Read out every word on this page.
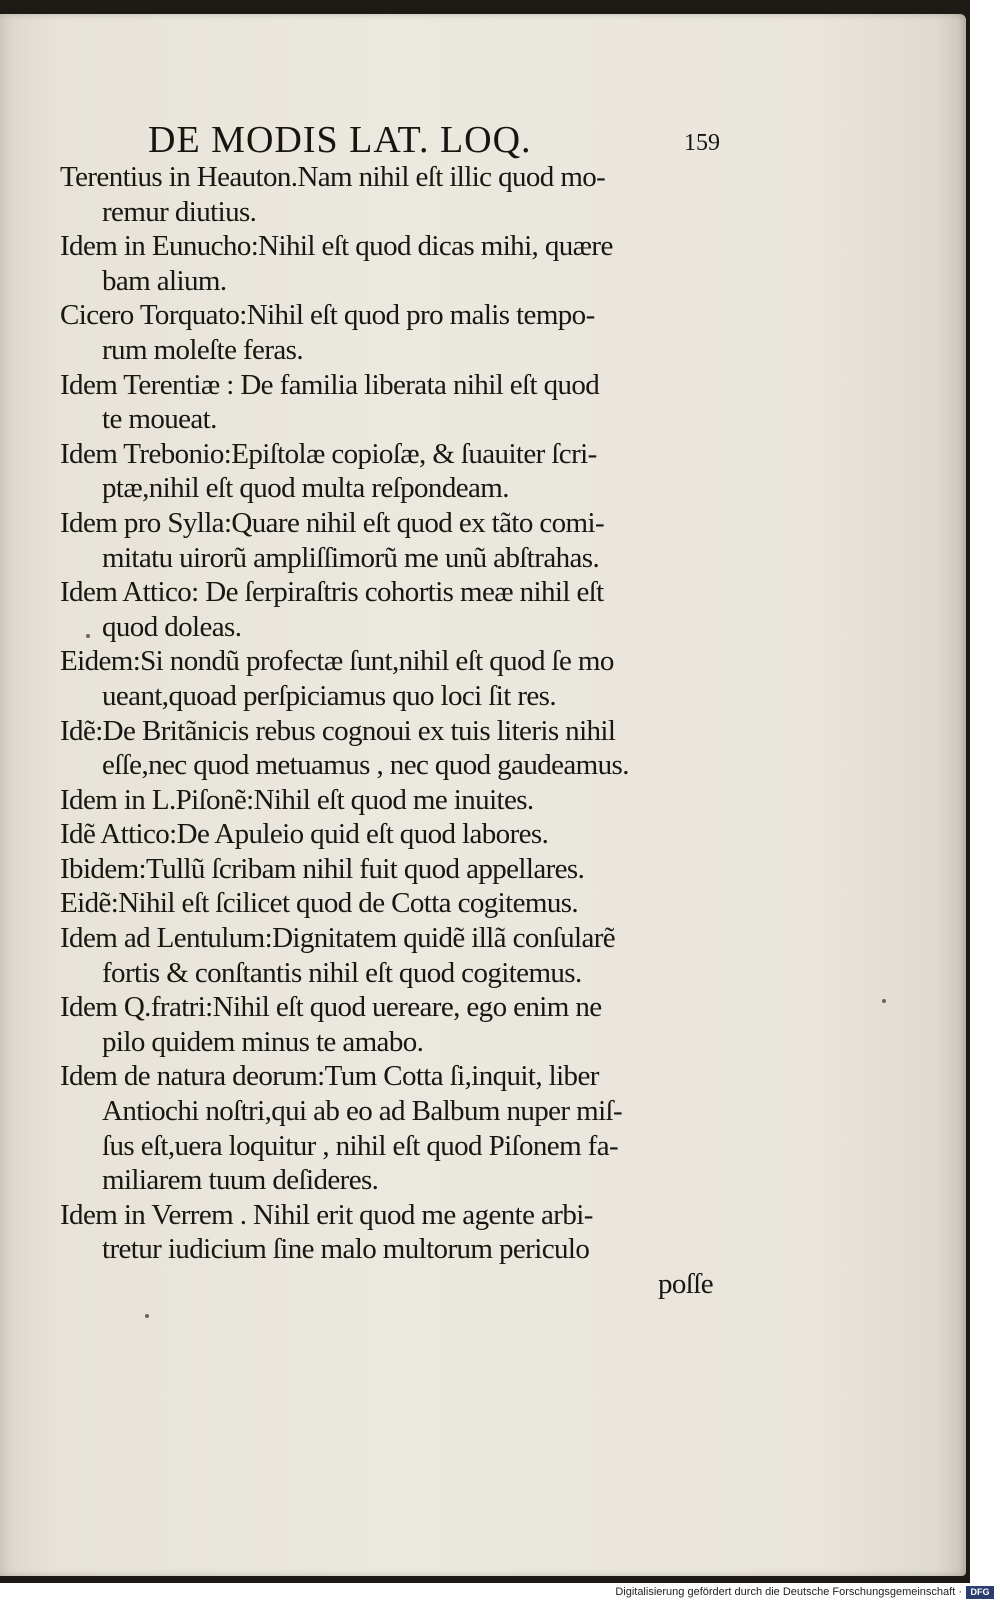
DE MODIS LAT. LOQ.	159
Terentius in Heauton.Nam nihil eſt illic quod mo-
remur diutius.
Idem in Eunucho:Nihil eſt quod dicas mihi, quære
bam alium.
Cicero Torquato:Nihil eſt quod pro malis tempo-
rum moleſte feras.
Idem Terentiæ : De familia liberata nihil eſt quod
te moueat.
Idem Trebonio:Epiſtolæ copioſæ, & ſuauiter ſcri-
ptæ,nihil eſt quod multa reſpondeam.
Idem pro Sylla:Quare nihil eſt quod ex tãto comi-
mitatu uirorũ ampliſſimorũ me unũ abſtrahas.
Idem Attico: De ſerpiraſtris cohortis meæ nihil eſt
quod doleas.
Eidem:Si nondũ profectæ ſunt,nihil eſt quod ſe mo
ueant,quoad perſpiciamus quo loci ſit res.
Idẽ:De Britãnicis rebus cognoui ex tuis literis nihil
eſſe,nec quod metuamus , nec quod gaudeamus.
Idem in L.Piſonẽ:Nihil eſt quod me inuites.
Idẽ Attico:De Apuleio quid eſt quod labores.
Ibidem:Tullũ ſcribam nihil fuit quod appellares.
Eidẽ:Nihil eſt ſcilicet quod de Cotta cogitemus.
Idem ad Lentulum:Dignitatem quidẽ illã conſularẽ
fortis & conſtantis nihil eſt quod cogitemus.
Idem Q.fratri:Nihil eſt quod uereare, ego enim ne
pilo quidem minus te amabo.
Idem de natura deorum:Tum Cotta ſi,inquit, liber
Antiochi noſtri,qui ab eo ad Balbum nuper miſ-
ſus eſt,uera loquitur , nihil eſt quod Piſonem fa-
miliarem tuum deſideres.
Idem in Verrem . Nihil erit quod me agente arbi-
tretur iudicium ſine malo multorum periculo
poſſe
Digitalisierung gefördert durch die Deutsche Forschungsgemeinschaft · DFG
